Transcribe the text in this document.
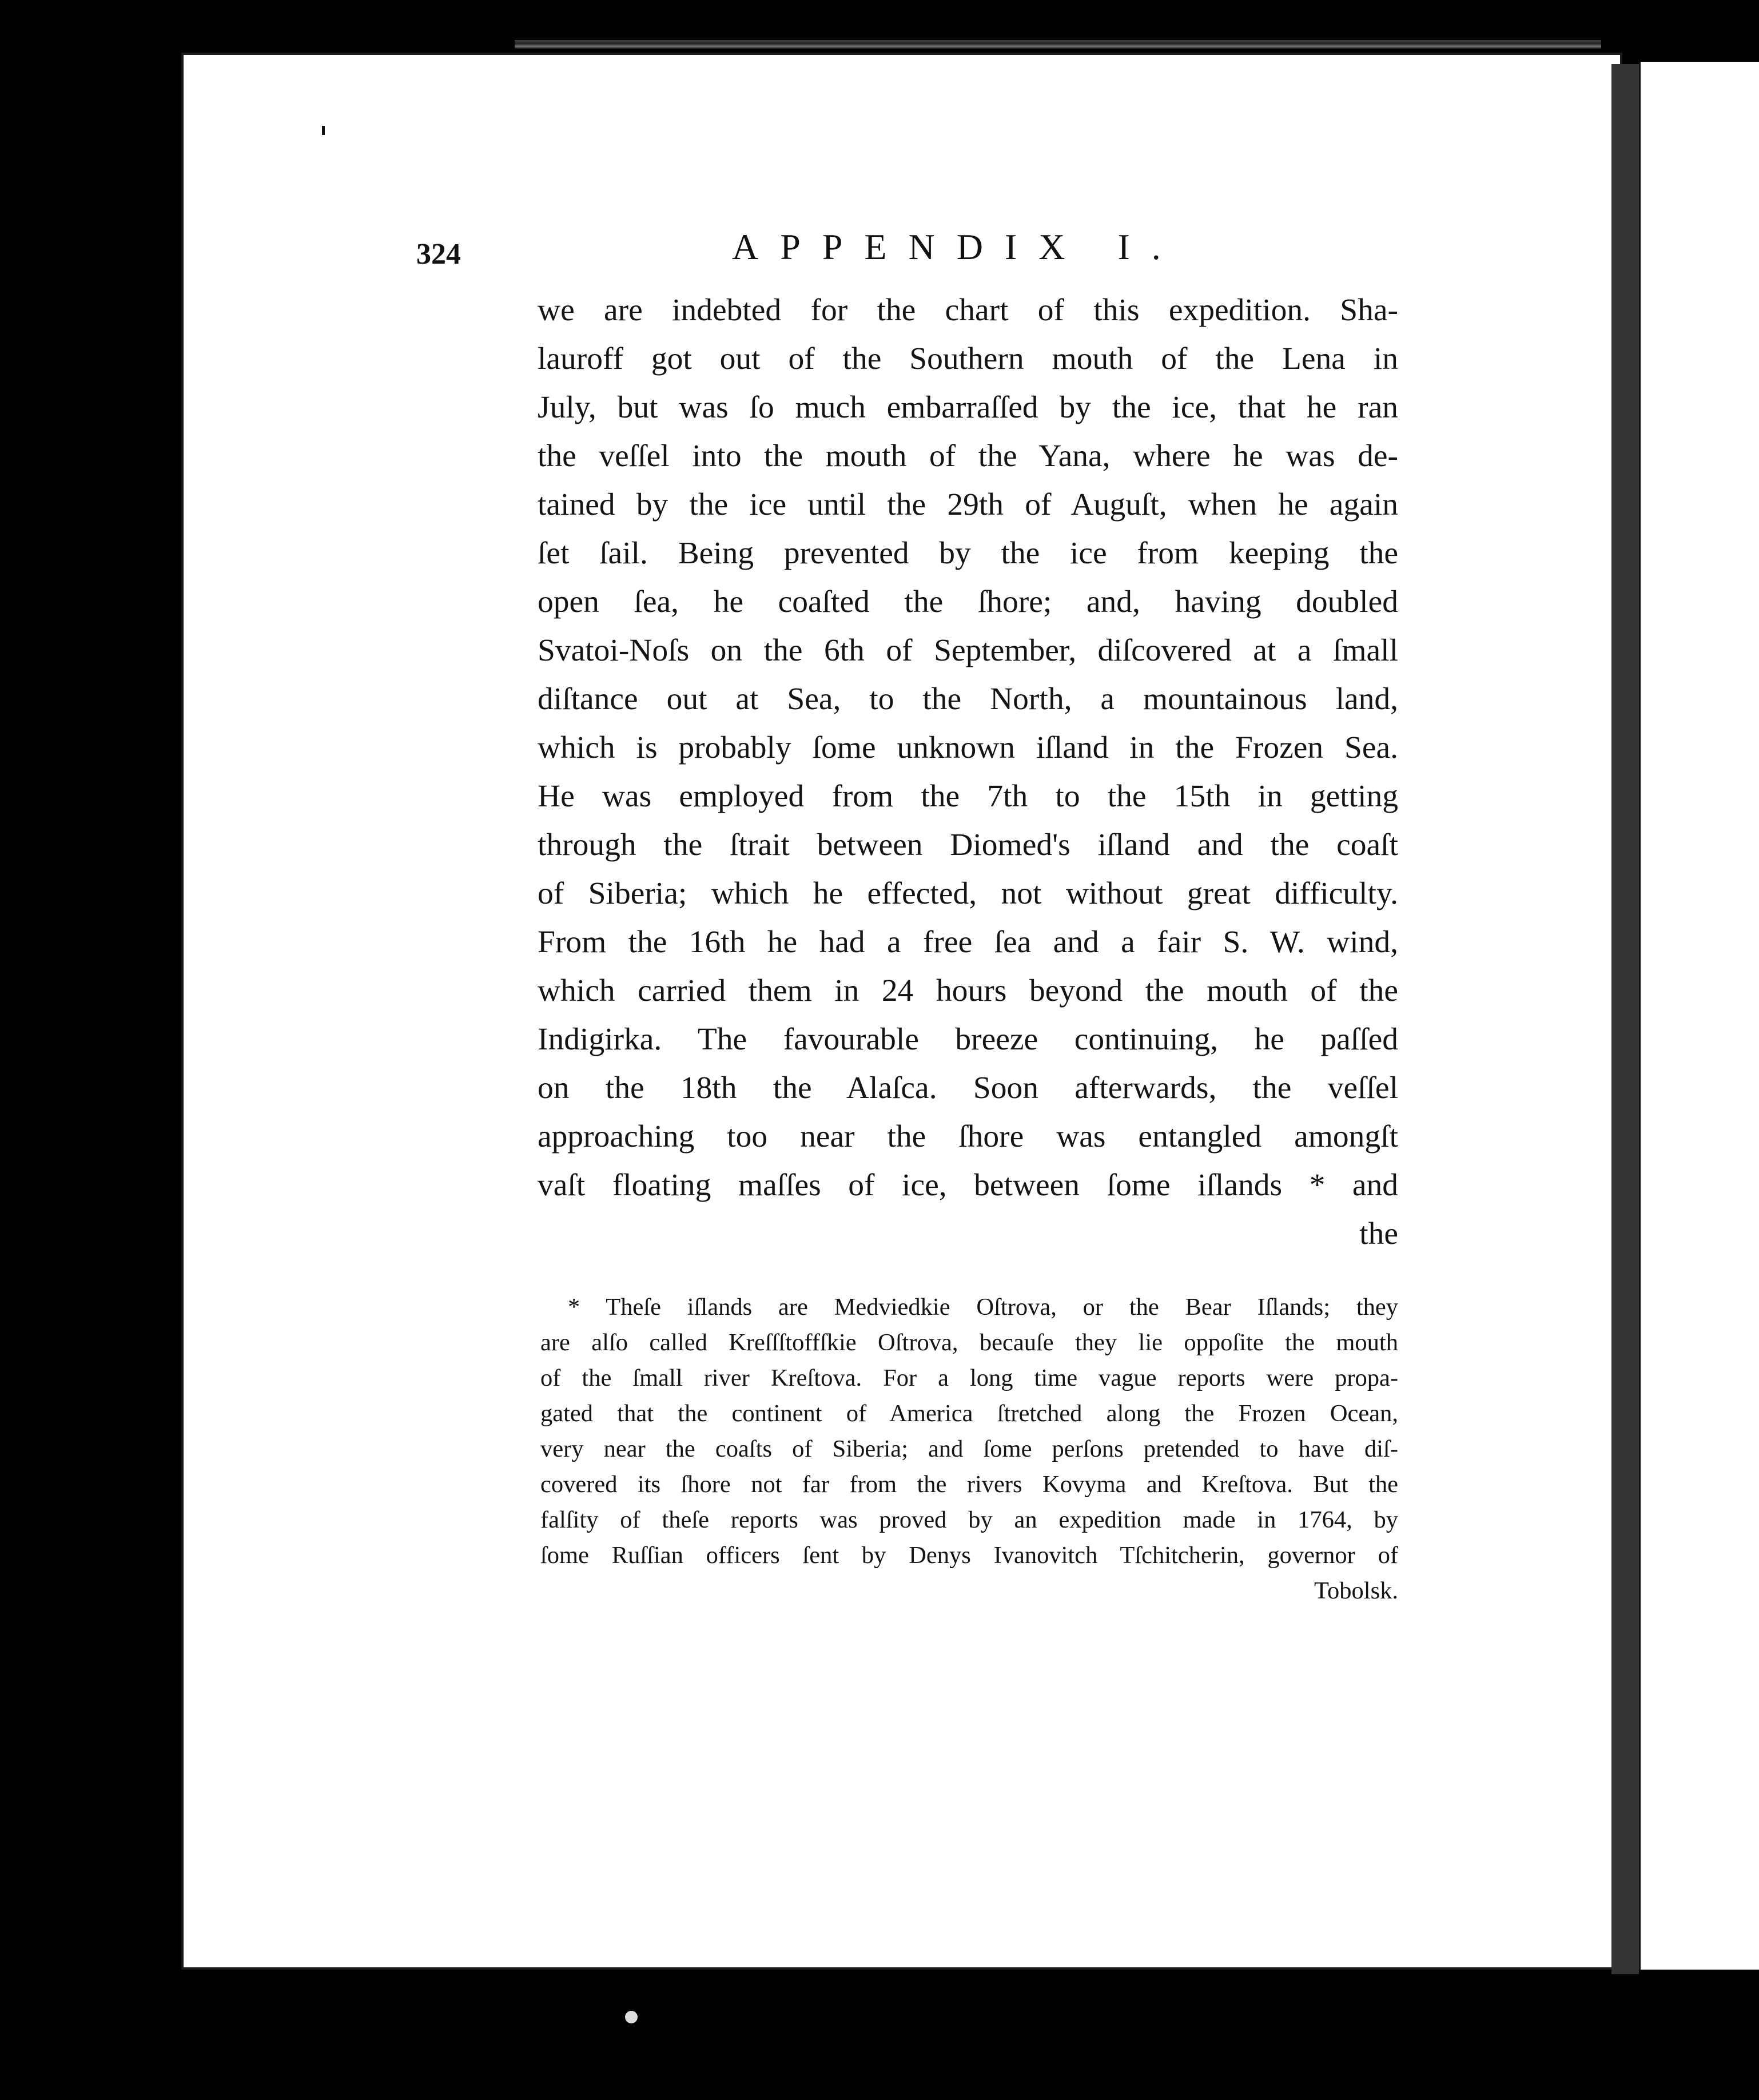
324	APPENDIX I.
we are indebted for the chart of this expedition. Sha-
lauroff got out of the Southern mouth of the Lena in
July, but was ſo much embarraſſed by the ice, that he ran
the veſſel into the mouth of the Yana, where he was de-
tained by the ice until the 29th of Auguſt, when he again
ſet ſail. Being prevented by the ice from keeping the
open ſea, he coaſted the ſhore; and, having doubled
Svatoi-Noſs on the 6th of September, diſcovered at a ſmall
diſtance out at Sea, to the North, a mountainous land,
which is probably ſome unknown iſland in the Frozen Sea.
He was employed from the 7th to the 15th in getting
through the ſtrait between Diomed's iſland and the coaſt
of Siberia; which he effected, not without great difficulty.
From the 16th he had a free ſea and a fair S. W. wind,
which carried them in 24 hours beyond the mouth of the
Indigirka. The favourable breeze continuing, he paſſed
on the 18th the Alaſca. Soon afterwards, the veſſel
approaching too near the ſhore was entangled amongſt
vaſt floating maſſes of ice, between ſome iſlands * and
the
* Theſe iſlands are Medviedkie Oſtrova, or the Bear Iſlands; they
are alſo called Kreſſſtoffſkie Oſtrova, becauſe they lie oppoſite the mouth
of the ſmall river Kreſtova. For a long time vague reports were propa-
gated that the continent of America ſtretched along the Frozen Ocean,
very near the coaſts of Siberia; and ſome perſons pretended to have diſ-
covered its ſhore not far from the rivers Kovyma and Kreſtova. But the
falſity of theſe reports was proved by an expedition made in 1764, by
ſome Ruſſian officers ſent by Denys Ivanovitch Tſchitcherin, governor of
Tobolsk.
